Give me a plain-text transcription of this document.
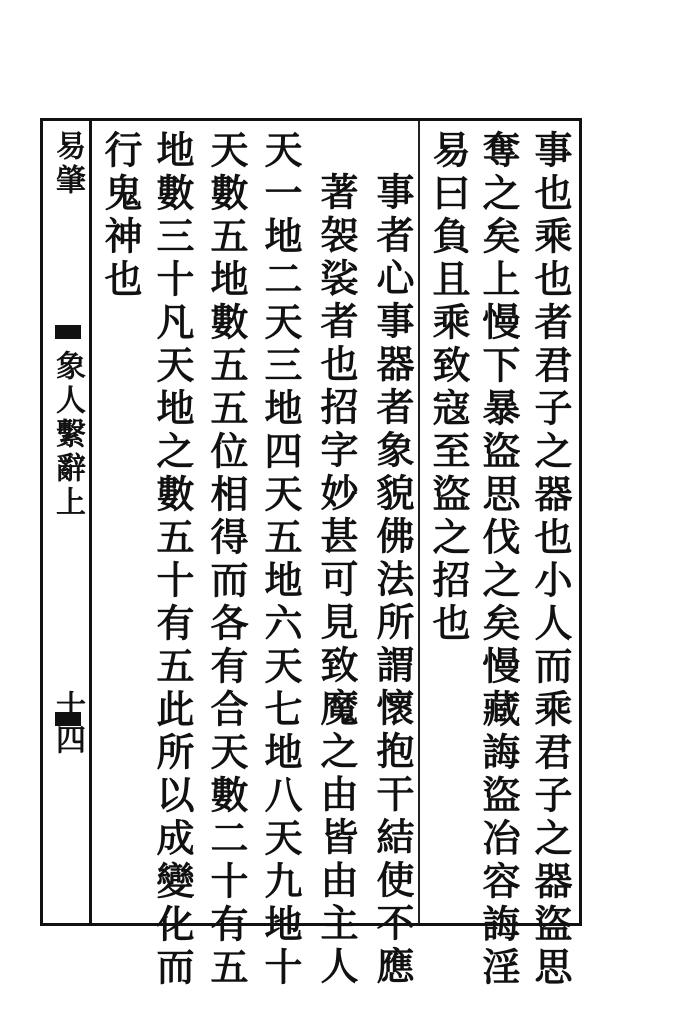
易肇
象人繫辭上
十四	事也乘也者君子之器也小人而乘君子之器盜思
奪之矣上慢下暴盜思伐之矣慢藏誨盜冶容誨淫
易曰負且乘致寇至盜之招也
事者心事器者象貌佛法所謂懷抱干結使不應
著袈裟者也招字妙甚可見致魔之由皆由主人
天一地二天三地四天五地六天七地八天九地十
天數五地數五五位相得而各有合天數二十有五
地數三十凡天地之數五十有五此所以成變化而
行鬼神也
